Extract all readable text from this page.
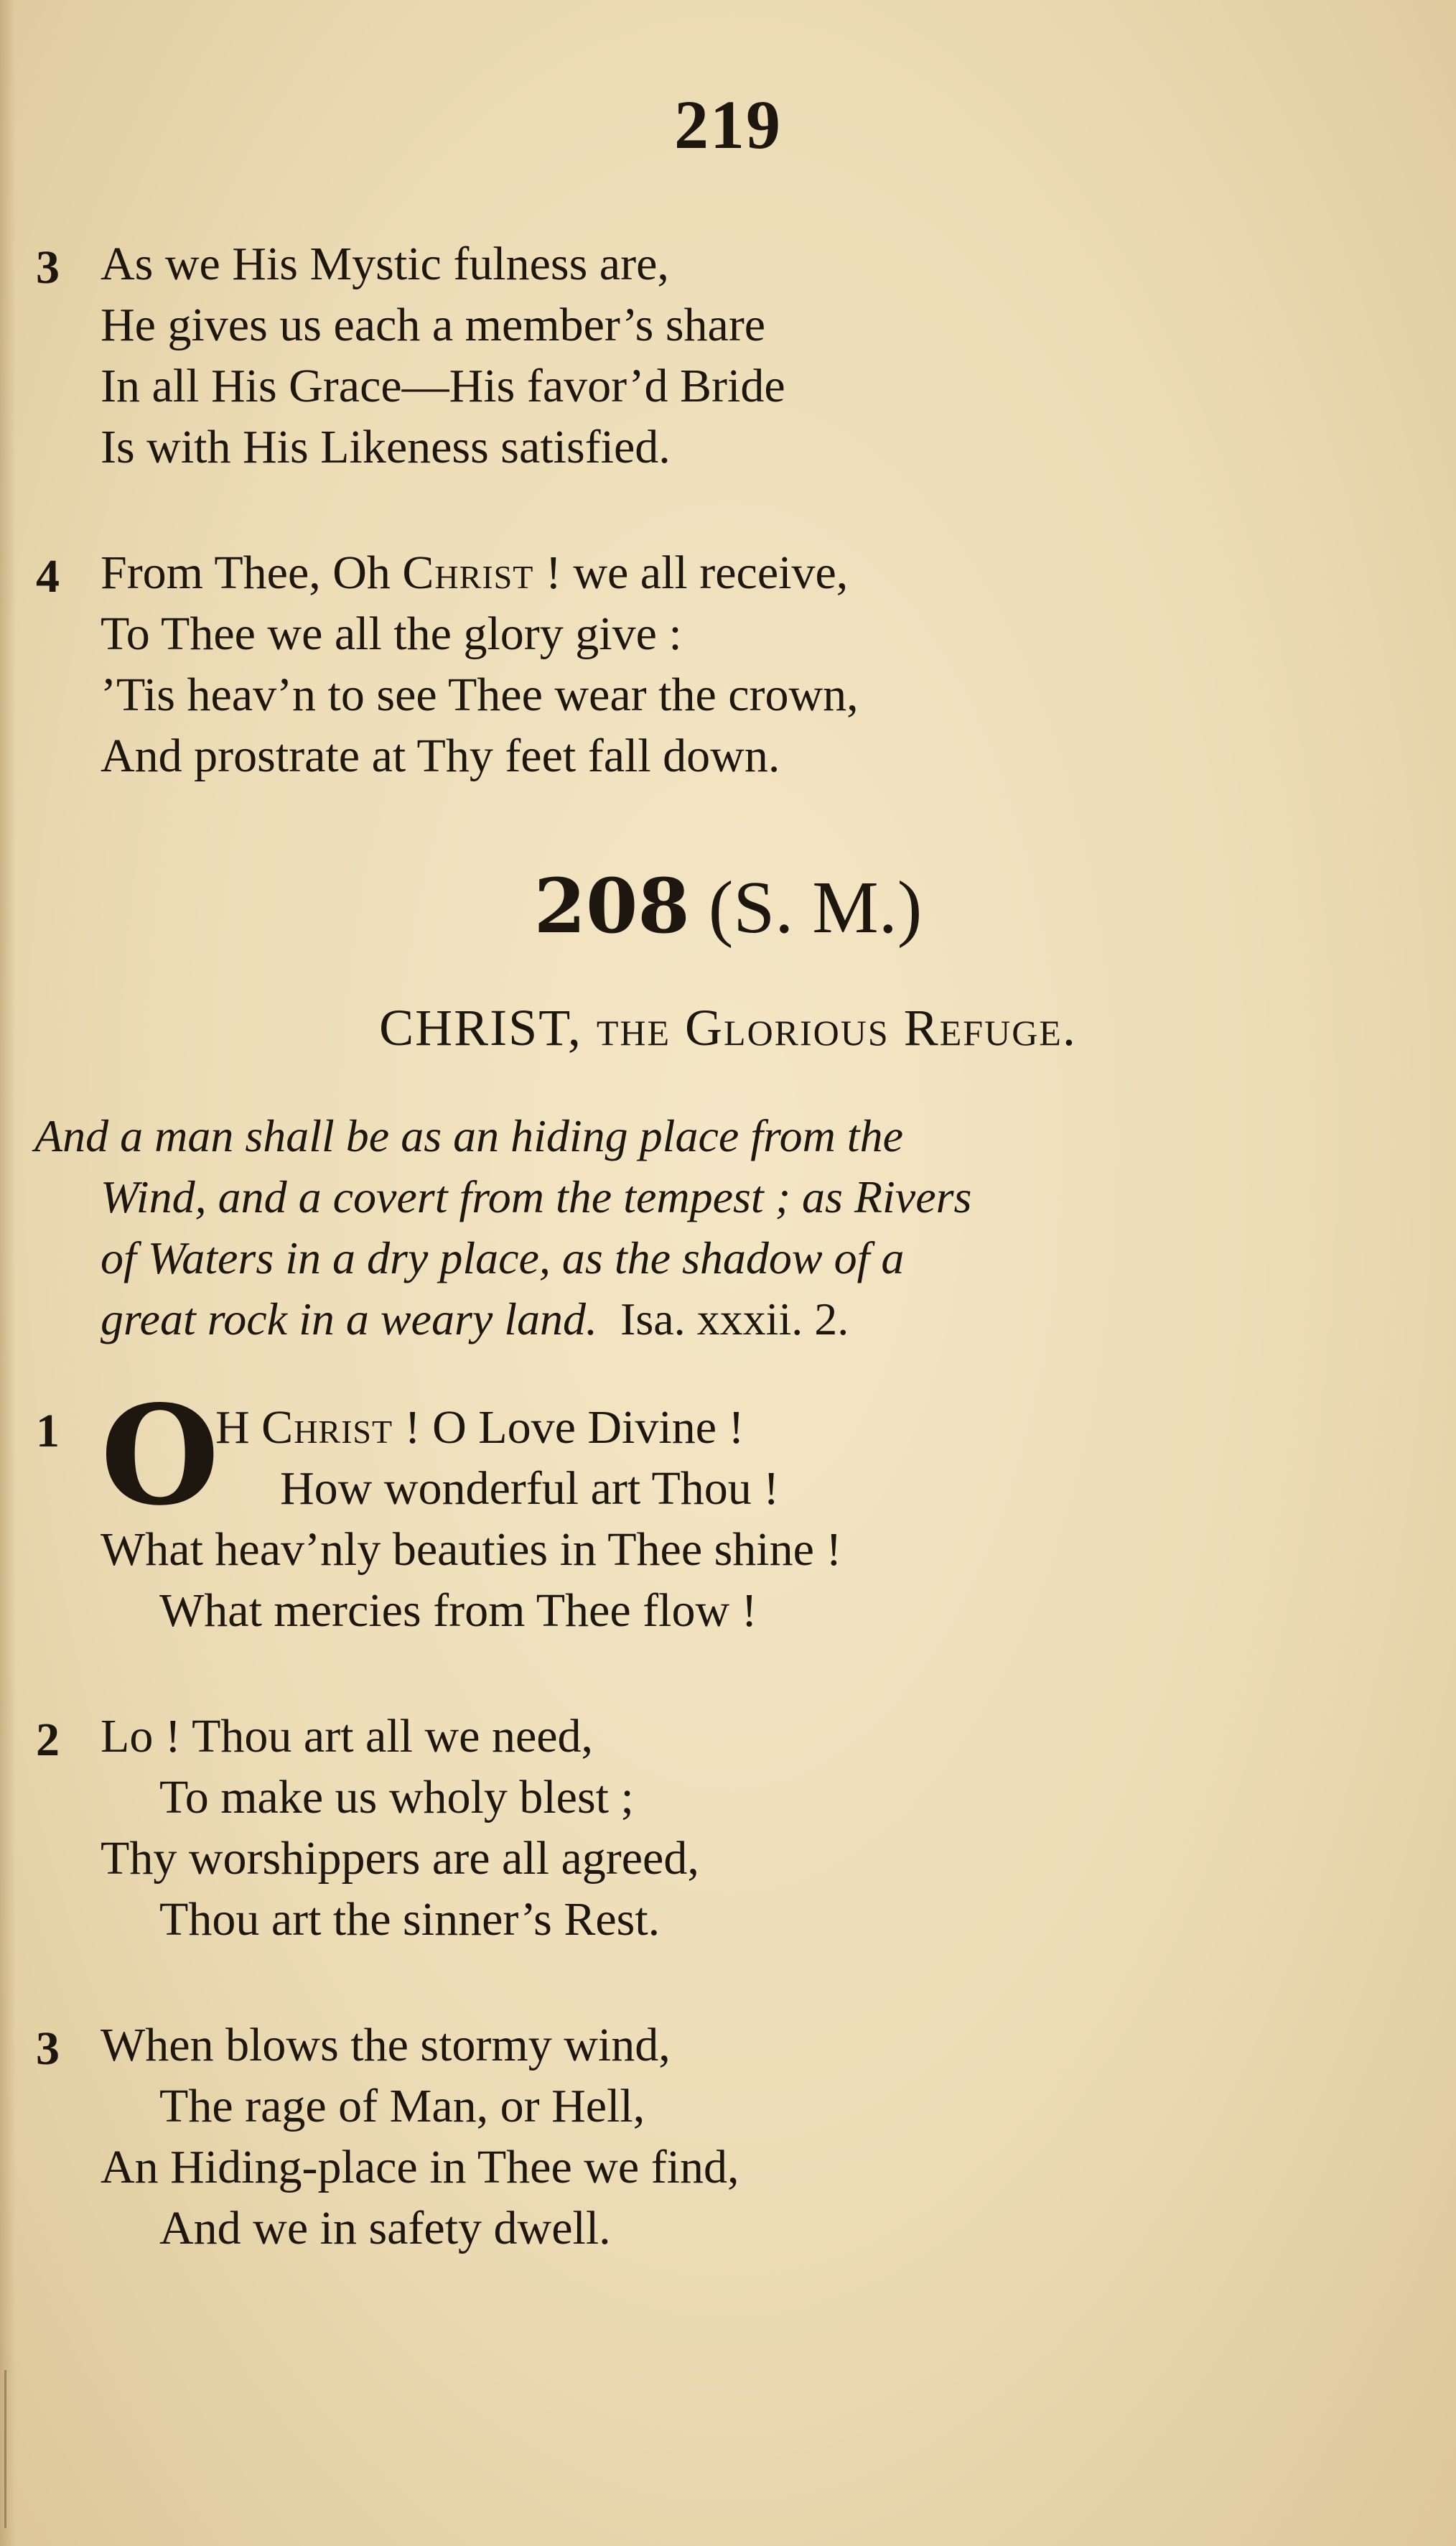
219
3 As we His Mystic fulness are,
He gives us each a member’s share
In all His Grace—His favor’d Bride
Is with His Likeness satisfied.
4 From Thee, Oh Christ ! we all receive,
To Thee we all the glory give :
’Tis heav’n to see Thee wear the crown,
And prostrate at Thy feet fall down.
208 (S. M.)
CHRIST, the Glorious Refuge.
And a man shall be as an hiding place from the
Wind, and a covert from the tempest ; as Rivers
of Waters in a dry place, as the shadow of a
great rock in a weary land. Isa. xxxii. 2.
1 O
H Christ ! O Love Divine !
How wonderful art Thou !
What heav’nly beauties in Thee shine !
What mercies from Thee flow !
2 Lo ! Thou art all we need,
To make us wholy blest ;
Thy worshippers are all agreed,
Thou art the sinner’s Rest.
3 When blows the stormy wind,
The rage of Man, or Hell,
An Hiding-place in Thee we find,
And we in safety dwell.
